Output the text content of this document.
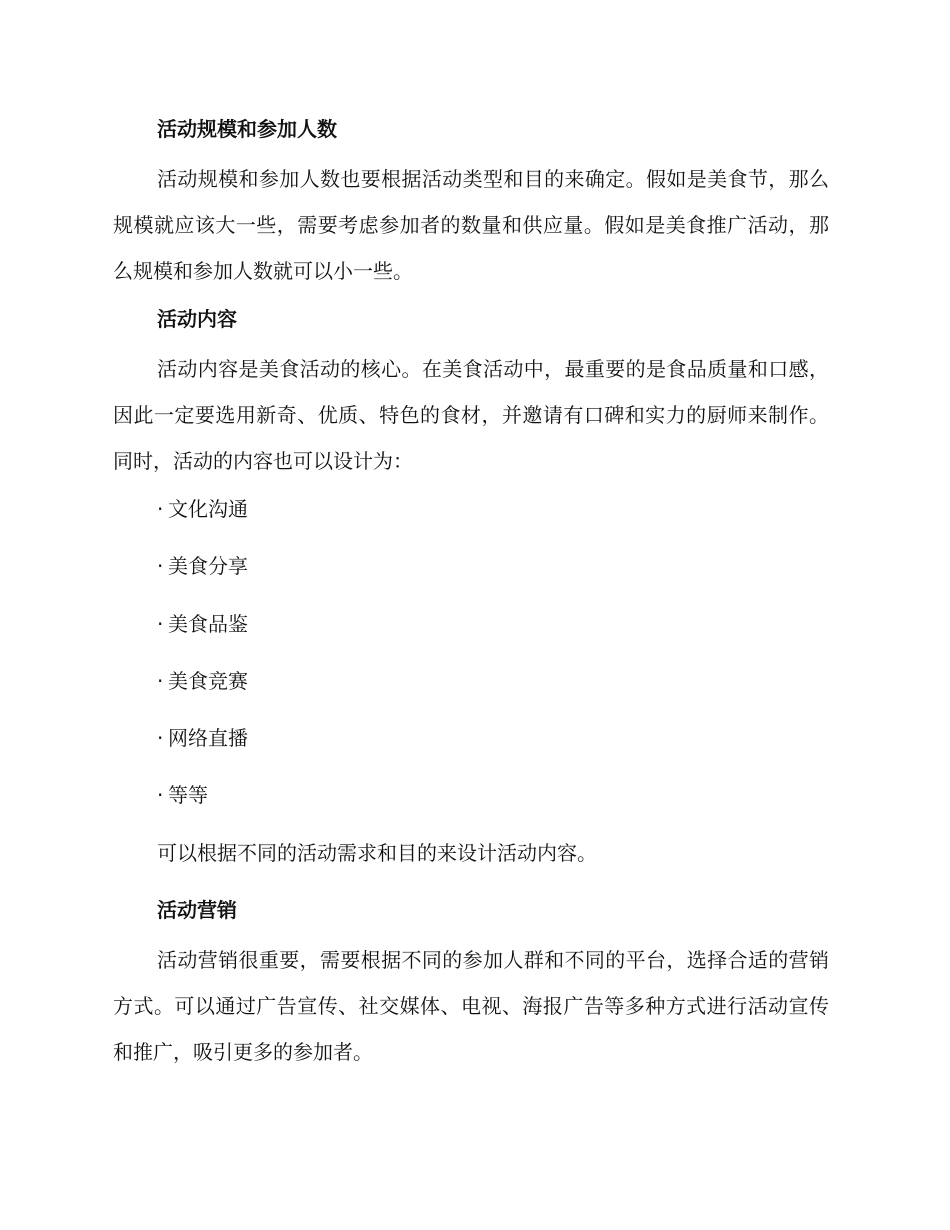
活动规模和参加人数

活动规模和参加人数也要根据活动类型和目的来确定。假如是美食节，那么规模就应该大一些，需要考虑参加者的数量和供应量。假如是美食推广活动，那么规模和参加人数就可以小一些。

活动内容

活动内容是美食活动的核心。在美食活动中，最重要的是食品质量和口感，因此一定要选用新奇、优质、特色的食材，并邀请有口碑和实力的厨师来制作。同时，活动的内容也可以设计为：

· 文化沟通
· 美食分享
· 美食品鉴
· 美食竞赛
· 网络直播
· 等等
可以根据不同的活动需求和目的来设计活动内容。
活动营销

活动营销很重要，需要根据不同的参加人群和不同的平台，选择合适的营销方式。可以通过广告宣传、社交媒体、电视、海报广告等多种方式进行活动宣传和推广，吸引更多的参加者。
